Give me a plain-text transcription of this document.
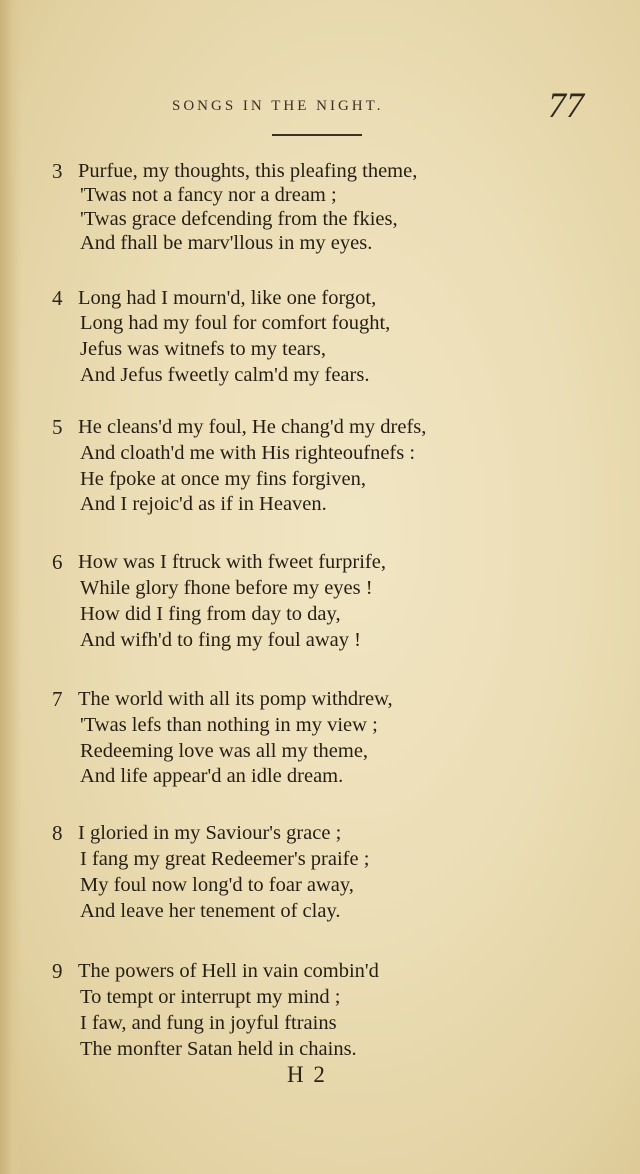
SONGS IN THE NIGHT.	77
3 Purfue, my thoughts, this pleafing theme,
'Twas not a fancy nor a dream ;
'Twas grace defcending from the fkies,
And fhall be marv'llous in my eyes.
4 Long had I mourn'd, like one forgot,
Long had my foul for comfort fought,
Jefus was witnefs to my tears,
And Jefus fweetly calm'd my fears.
5 He cleans'd my foul, He chang'd my drefs,
And cloath'd me with His righteoufnefs :
He fpoke at once my fins forgiven,
And I rejoic'd as if in Heaven.
6 How was I ftruck with fweet furprife,
While glory fhone before my eyes !
How did I fing from day to day,
And wifh'd to fing my foul away !
7 The world with all its pomp withdrew,
'Twas lefs than nothing in my view ;
Redeeming love was all my theme,
And life appear'd an idle dream.
8 I gloried in my Saviour's grace ;
I fang my great Redeemer's praife ;
My foul now long'd to foar away,
And leave her tenement of clay.
9 The powers of Hell in vain combin'd
To tempt or interrupt my mind ;
I faw, and fung in joyful ftrains
The monfter Satan held in chains.
H 2
